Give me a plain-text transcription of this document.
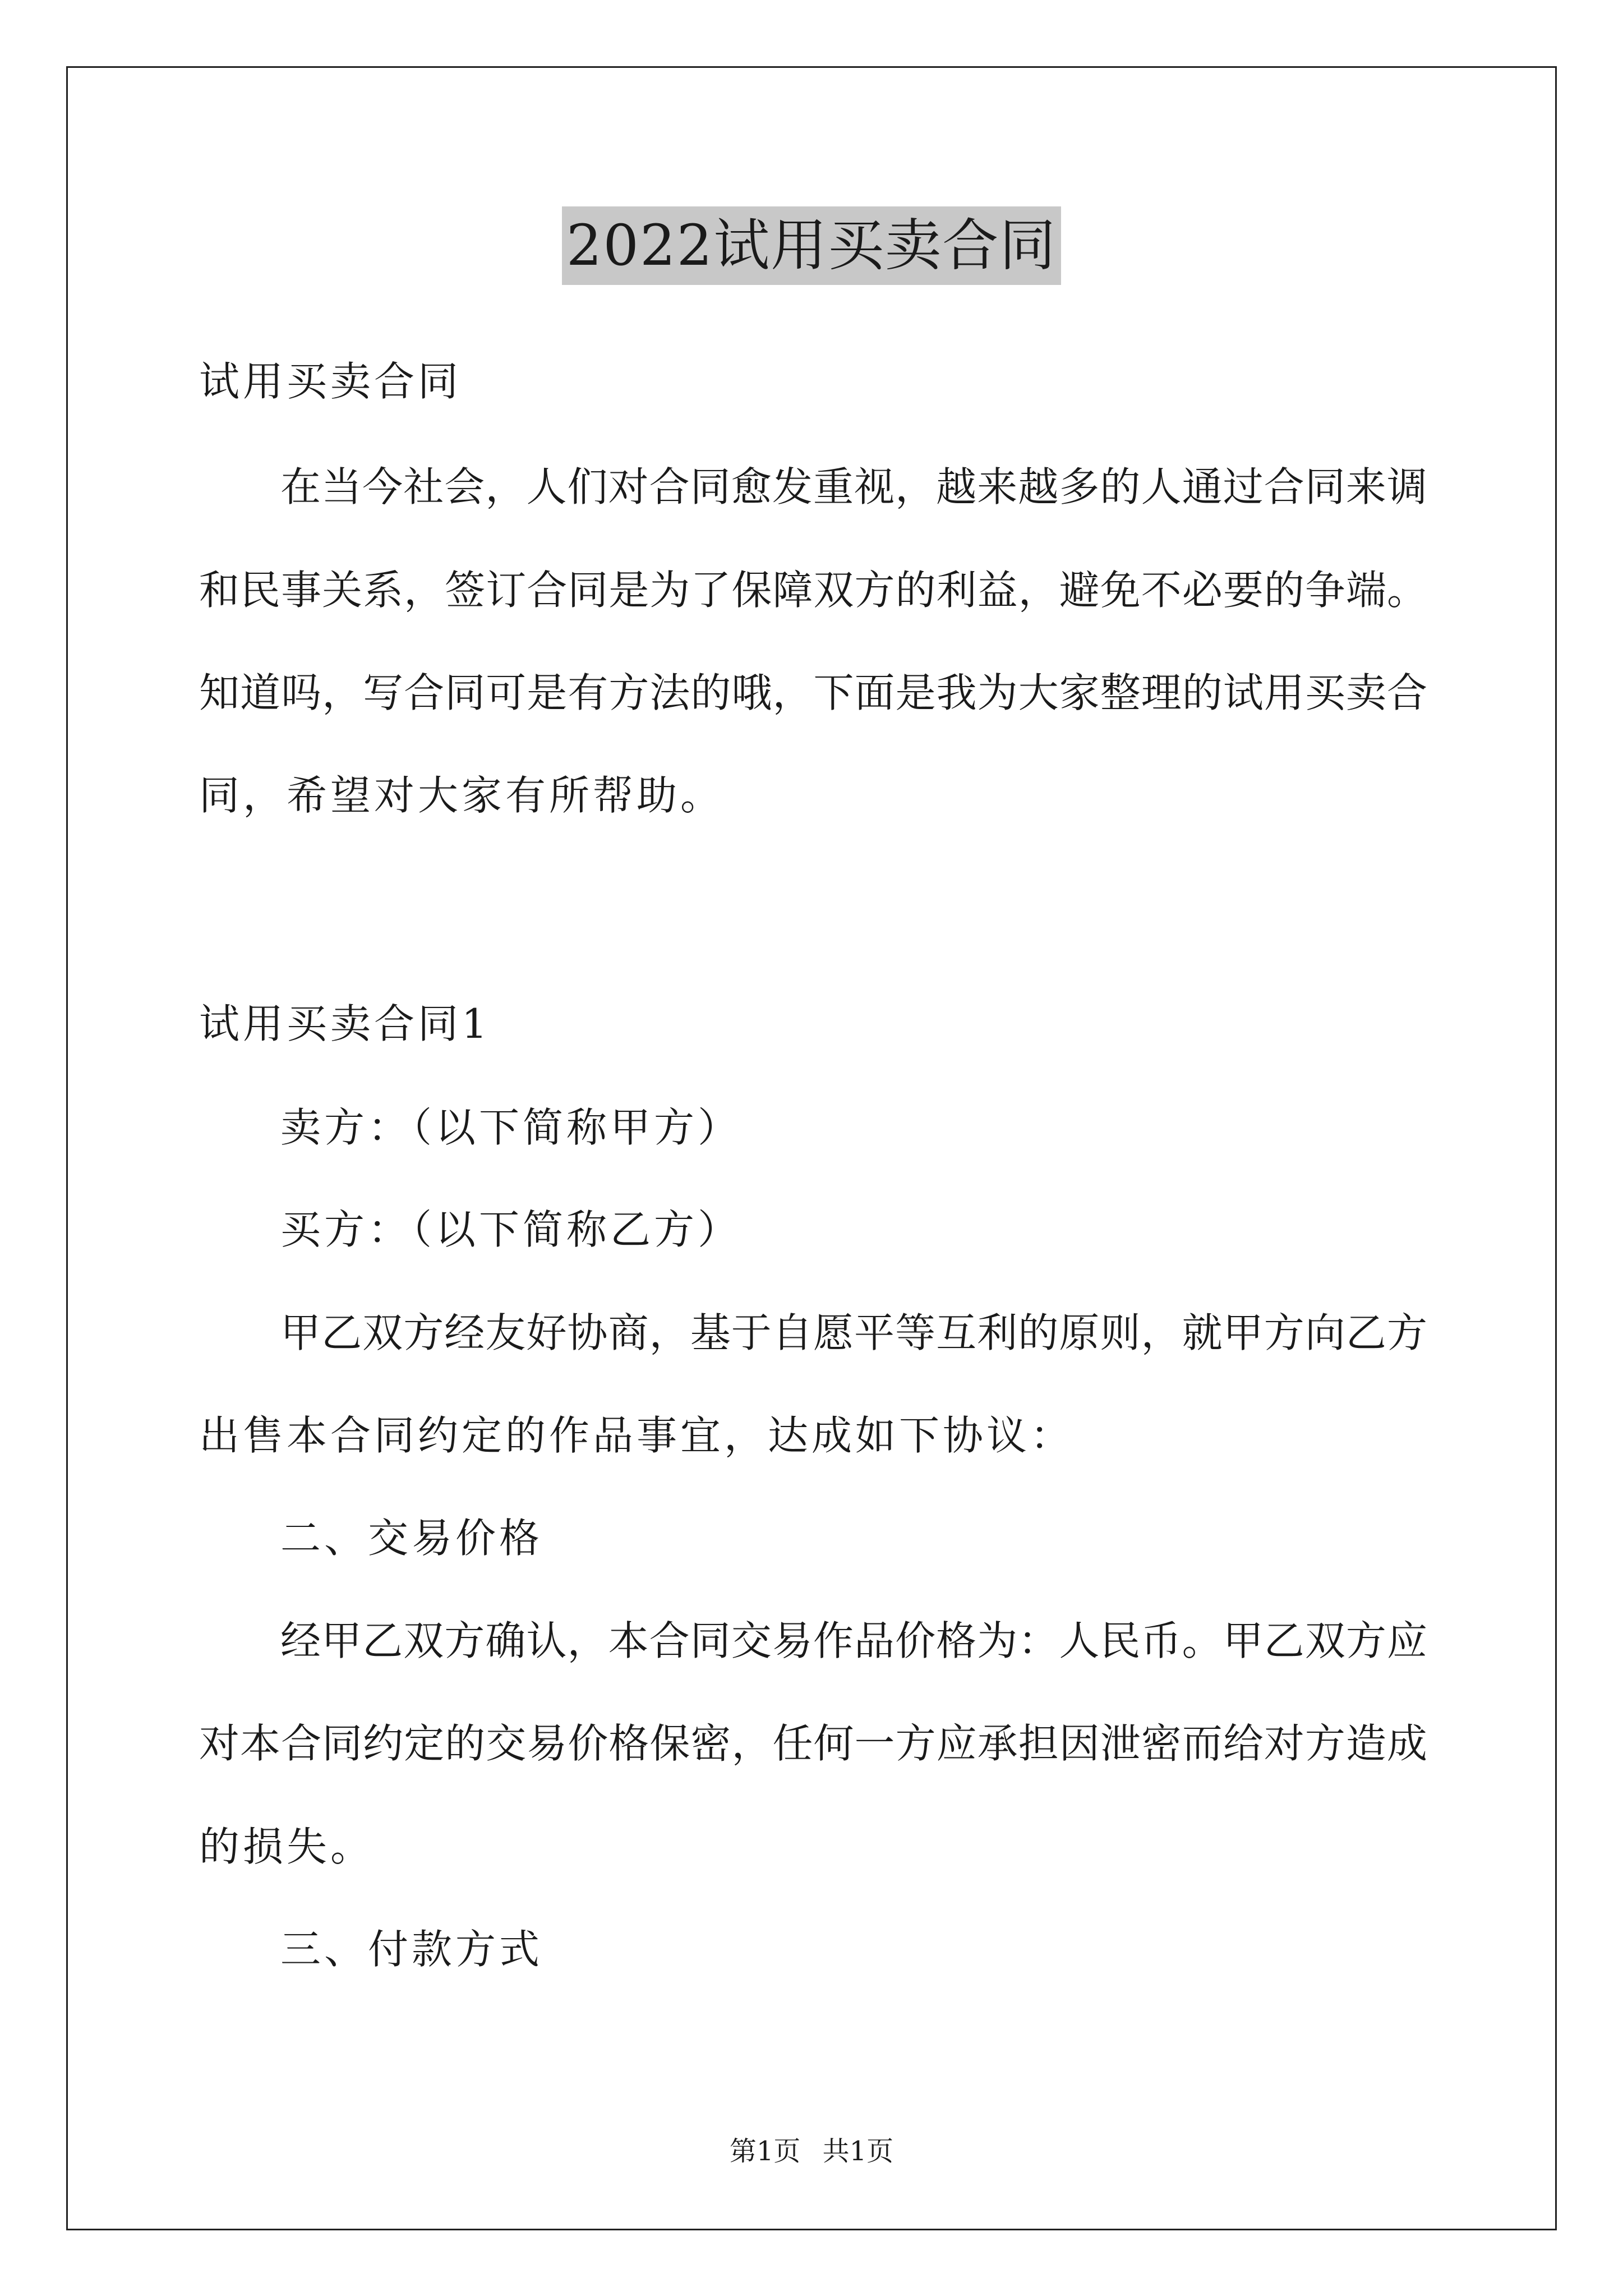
2022试用买卖合同
试用买卖合同
在当今社会，人们对合同愈发重视，越来越多的人通过合同来调
和民事关系，签订合同是为了保障双方的利益，避免不必要的争端。
知道吗，写合同可是有方法的哦，下面是我为大家整理的试用买卖合
同，希望对大家有所帮助。
试用买卖合同1
卖方：（以下简称甲方）
买方：（以下简称乙方）
甲乙双方经友好协商，基于自愿平等互利的原则，就甲方向乙方
出售本合同约定的作品事宜，达成如下协议：
二、交易价格
经甲乙双方确认，本合同交易作品价格为：人民币。甲乙双方应
对本合同约定的交易价格保密，任何一方应承担因泄密而给对方造成
的损失。
三、付款方式
第1页 共1页
